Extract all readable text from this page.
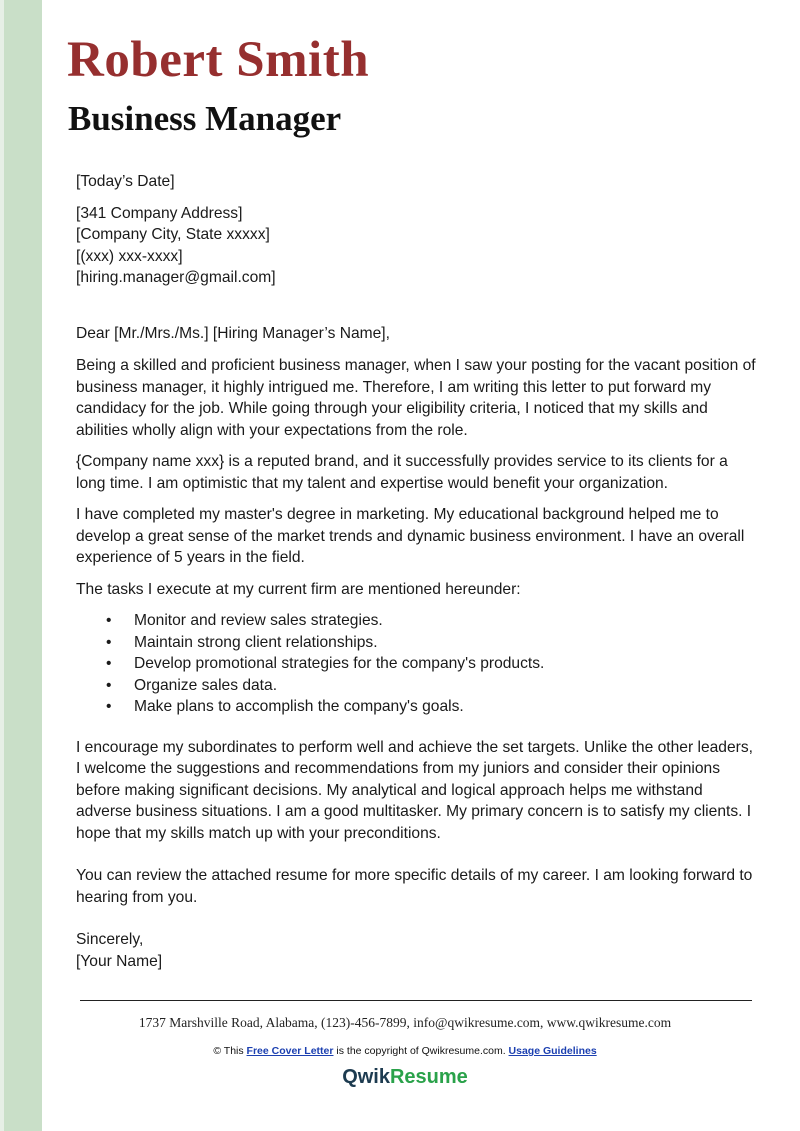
Robert Smith
Business Manager

[Today’s Date]

[341 Company Address]
[Company City, State xxxxx]
[(xxx) xxx-xxxx]
[hiring.manager@gmail.com]

Dear [Mr./Mrs./Ms.] [Hiring Manager’s Name],

Being a skilled and proficient business manager, when I saw your posting for the vacant position of business manager, it highly intrigued me. Therefore, I am writing this letter to put forward my candidacy for the job. While going through your eligibility criteria, I noticed that my skills and abilities wholly align with your expectations from the role.

{Company name xxx} is a reputed brand, and it successfully provides service to its clients for a long time. I am optimistic that my talent and expertise would benefit your organization.

I have completed my master's degree in marketing. My educational background helped me to develop a great sense of the market trends and dynamic business environment. I have an overall experience of 5 years in the field.

The tasks I execute at my current firm are mentioned hereunder:

• Monitor and review sales strategies.
• Maintain strong client relationships.
• Develop promotional strategies for the company's products.
• Organize sales data.
• Make plans to accomplish the company's goals.

I encourage my subordinates to perform well and achieve the set targets. Unlike the other leaders, I welcome the suggestions and recommendations from my juniors and consider their opinions before making significant decisions. My analytical and logical approach helps me withstand adverse business situations. I am a good multitasker. My primary concern is to satisfy my clients. I hope that my skills match up with your preconditions.

You can review the attached resume for more specific details of my career. I am looking forward to hearing from you.

Sincerely,
[Your Name]

1737 Marshville Road, Alabama, (123)-456-7899, info@qwikresume.com, www.qwikresume.com
© This Free Cover Letter is the copyright of Qwikresume.com. Usage Guidelines
QwikResume
